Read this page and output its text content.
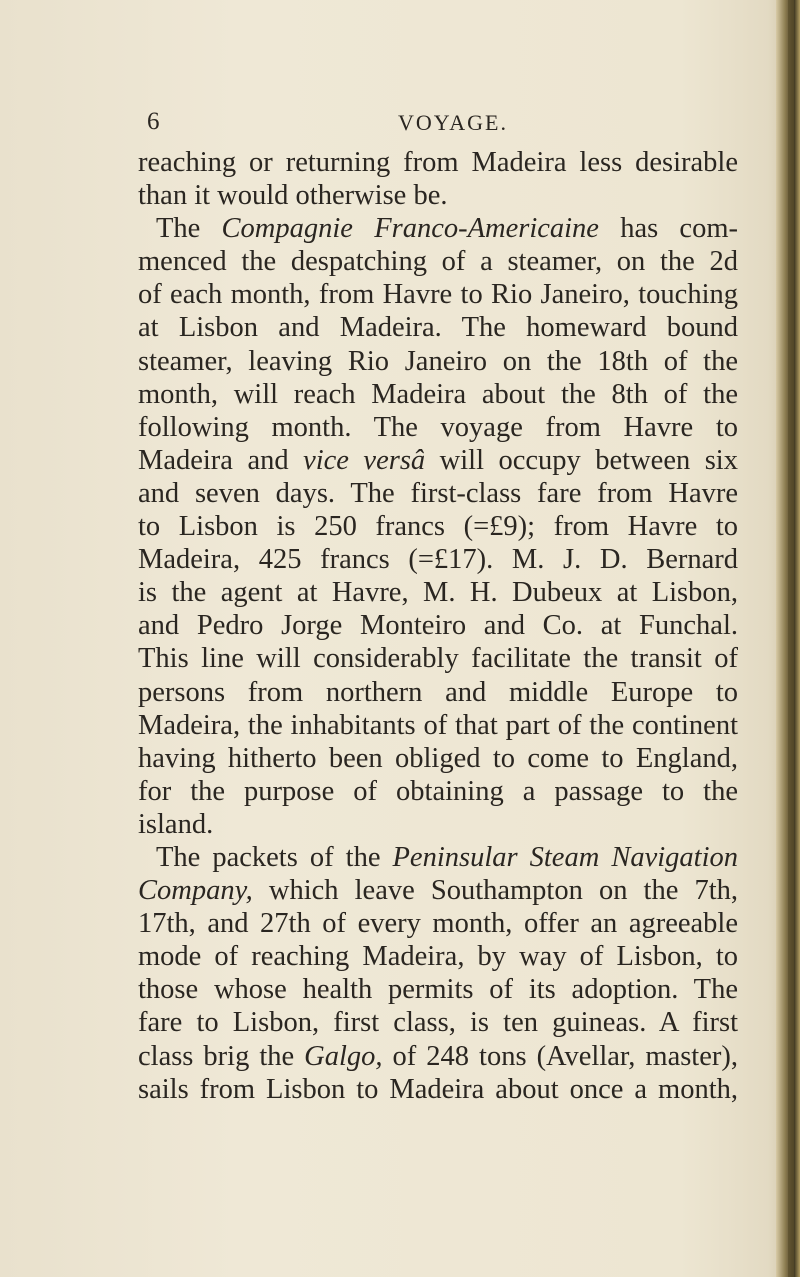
6	VOYAGE.
reaching or returning from Madeira less desirable
than it would otherwise be.
The Compagnie Franco-Americaine has com-
menced the despatching of a steamer, on the 2d
of each month, from Havre to Rio Janeiro, touching
at Lisbon and Madeira. The homeward bound
steamer, leaving Rio Janeiro on the 18th of the
month, will reach Madeira about the 8th of the
following month. The voyage from Havre to
Madeira and vice versâ will occupy between six
and seven days. The first-class fare from Havre
to Lisbon is 250 francs (=£9); from Havre to
Madeira, 425 francs (=£17). M. J. D. Bernard
is the agent at Havre, M. H. Dubeux at Lisbon,
and Pedro Jorge Monteiro and Co. at Funchal.
This line will considerably facilitate the transit of
persons from northern and middle Europe to
Madeira, the inhabitants of that part of the continent
having hitherto been obliged to come to England,
for the purpose of obtaining a passage to the
island.
The packets of the Peninsular Steam Navigation
Company, which leave Southampton on the 7th,
17th, and 27th of every month, offer an agreeable
mode of reaching Madeira, by way of Lisbon, to
those whose health permits of its adoption. The
fare to Lisbon, first class, is ten guineas. A first
class brig the Galgo, of 248 tons (Avellar, master),
sails from Lisbon to Madeira about once a month,
